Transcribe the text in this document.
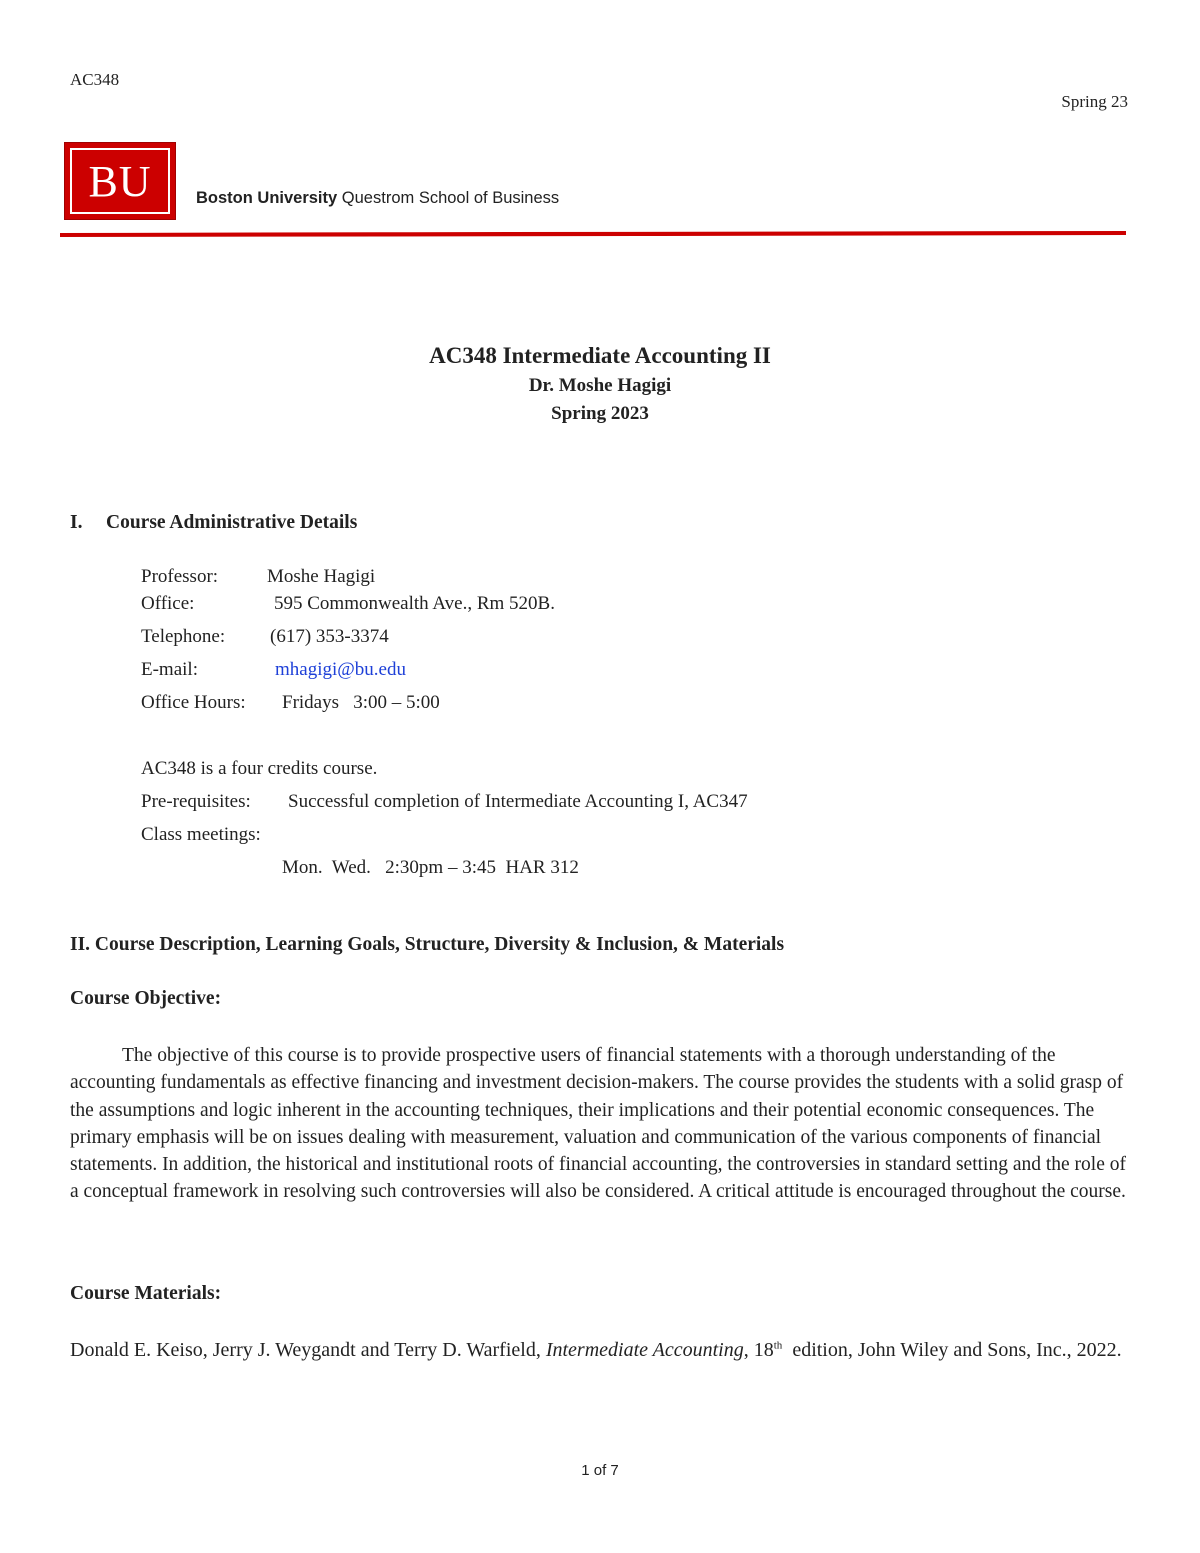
AC348
Spring 23
BU	Boston University Questrom School of Business
AC348 Intermediate Accounting II
Dr. Moshe Hagigi
Spring 2023
I. Course Administrative Details
Professor:	Moshe Hagigi
Office:	595 Commonwealth Ave., Rm 520B.
Telephone: (617) 353-3374
E-mail:	mhagigi@bu.edu
Office Hours: Fridays   3:00 – 5:00
AC348 is a four credits course.
Pre-requisites: Successful completion of Intermediate Accounting I, AC347
Class meetings:
Mon.  Wed.   2:30pm – 3:45  HAR 312
II. Course Description, Learning Goals, Structure, Diversity & Inclusion, & Materials
Course Objective:
The objective of this course is to provide prospective users of financial statements with a thorough understanding of the accounting fundamentals as effective financing and investment decision-makers. The course provides the students with a solid grasp of the assumptions and logic inherent in the accounting techniques, their implications and their potential economic consequences. The primary emphasis will be on issues dealing with measurement, valuation and communication of the various components of financial statements. In addition, the historical and institutional roots of financial accounting, the controversies in standard setting and the role of a conceptual framework in resolving such controversies will also be considered. A critical attitude is encouraged throughout the course.
Course Materials:
Donald E. Keiso, Jerry J. Weygandt and Terry D. Warfield, Intermediate Accounting, 18th  edition, John Wiley and Sons, Inc., 2022.
1 of 7
